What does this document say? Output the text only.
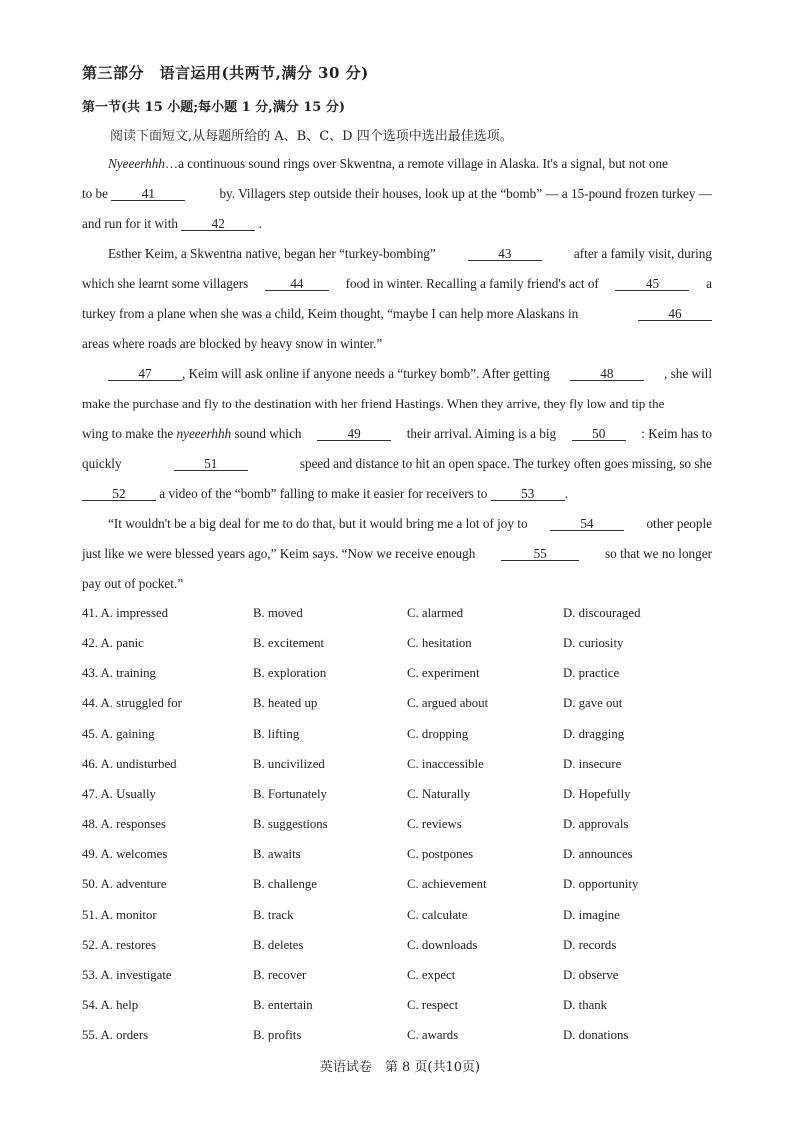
第三部分　语言运用(共两节,满分 30 分)
第一节(共 15 小题;每小题 1 分,满分 15 分)
阅读下面短文,从每题所给的 A、B、C、D 四个选项中选出最佳选项。
Nyeeerhhh…a continuous sound rings over Skwentna, a remote village in Alaska. It's a signal, but not one
to be	41	by. Villagers step outside their houses, look up at the “bomb” — a 15-pound frozen turkey —
and run for it with	42	.
Esther Keim, a Skwentna native, began her “turkey-bombing”	43	after a family visit, during
which she learnt some villagers	44	food in winter. Recalling a family friend's act of	45	a
turkey from a plane when she was a child, Keim thought, “maybe I can help more Alaskans in	46
areas where roads are blocked by heavy snow in winter.”
47 , Keim will ask online if anyone needs a “turkey bomb”. After getting	48	, she will
make the purchase and fly to the destination with her friend Hastings. When they arrive, they fly low and tip the
wing to make the nyeeerhhh sound which	49	their arrival. Aiming is a big	50	: Keim has to
quickly	51	speed and distance to hit an open space. The turkey often goes missing, so she
52	a video of the “bomb” falling to make it easier for receivers to	53 .
“It wouldn't be a big deal for me to do that, but it would bring me a lot of joy to	54	other people
just like we were blessed years ago,” Keim says. “Now we receive enough	55	so that we no longer
pay out of pocket.”
41. A. impressed	B. moved	C. alarmed	D. discouraged
42. A. panic	B. excitement	C. hesitation	D. curiosity
43. A. training	B. exploration	C. experiment	D. practice
44. A. struggled for	B. heated up	C. argued about	D. gave out
45. A. gaining	B. lifting	C. dropping	D. dragging
46. A. undisturbed	B. uncivilized	C. inaccessible	D. insecure
47. A. Usually	B. Fortunately	C. Naturally	D. Hopefully
48. A. responses	B. suggestions	C. reviews	D. approvals
49. A. welcomes	B. awaits	C. postpones	D. announces
50. A. adventure	B. challenge	C. achievement	D. opportunity
51. A. monitor	B. track	C. calculate	D. imagine
52. A. restores	B. deletes	C. downloads	D. records
53. A. investigate	B. recover	C. expect	D. observe
54. A. help	B. entertain	C. respect	D. thank
55. A. orders	B. profits	C. awards	D. donations
英语试卷　第 8 页(共10页)
